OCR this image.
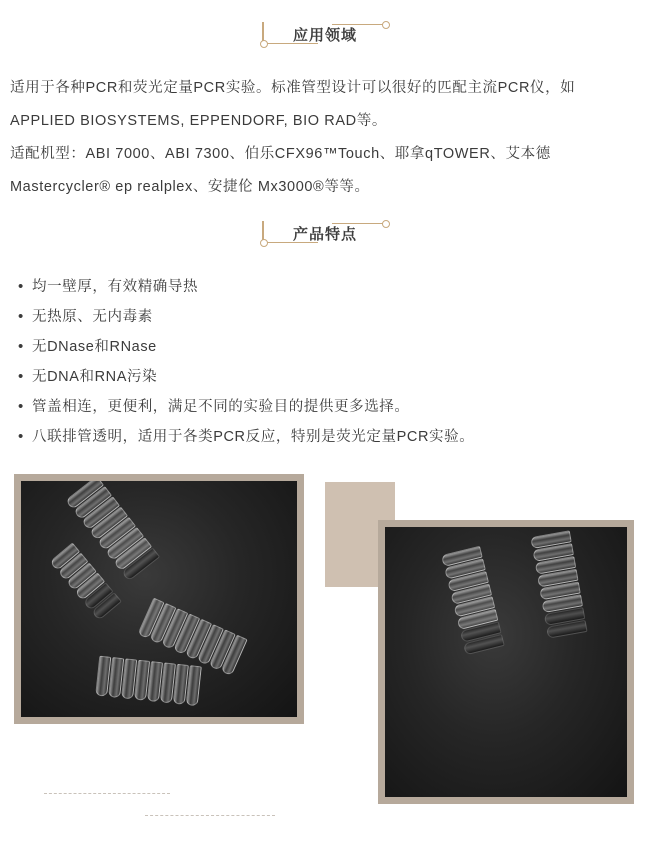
应用领域

适用于各种PCR和荧光定量PCR实验。标准管型设计可以很好的匹配主流PCR仪，如

APPLIED BIOSYSTEMS, EPPENDORF, BIO RAD等。

适配机型：ABI 7000、ABI 7300、伯乐CFX96™Touch、耶拿qTOWER、艾本德

Mastercycler® ep realplex、安捷伦 Mx3000®等等。

产品特点
• 均一壁厚，有效精确导热
• 无热原、无内毒素
• 无DNase和RNase
• 无DNA和RNA污染
• 管盖相连，更便利，满足不同的实验目的提供更多选择。
• 八联排管透明，适用于各类PCR反应，特别是荧光定量PCR实验。
